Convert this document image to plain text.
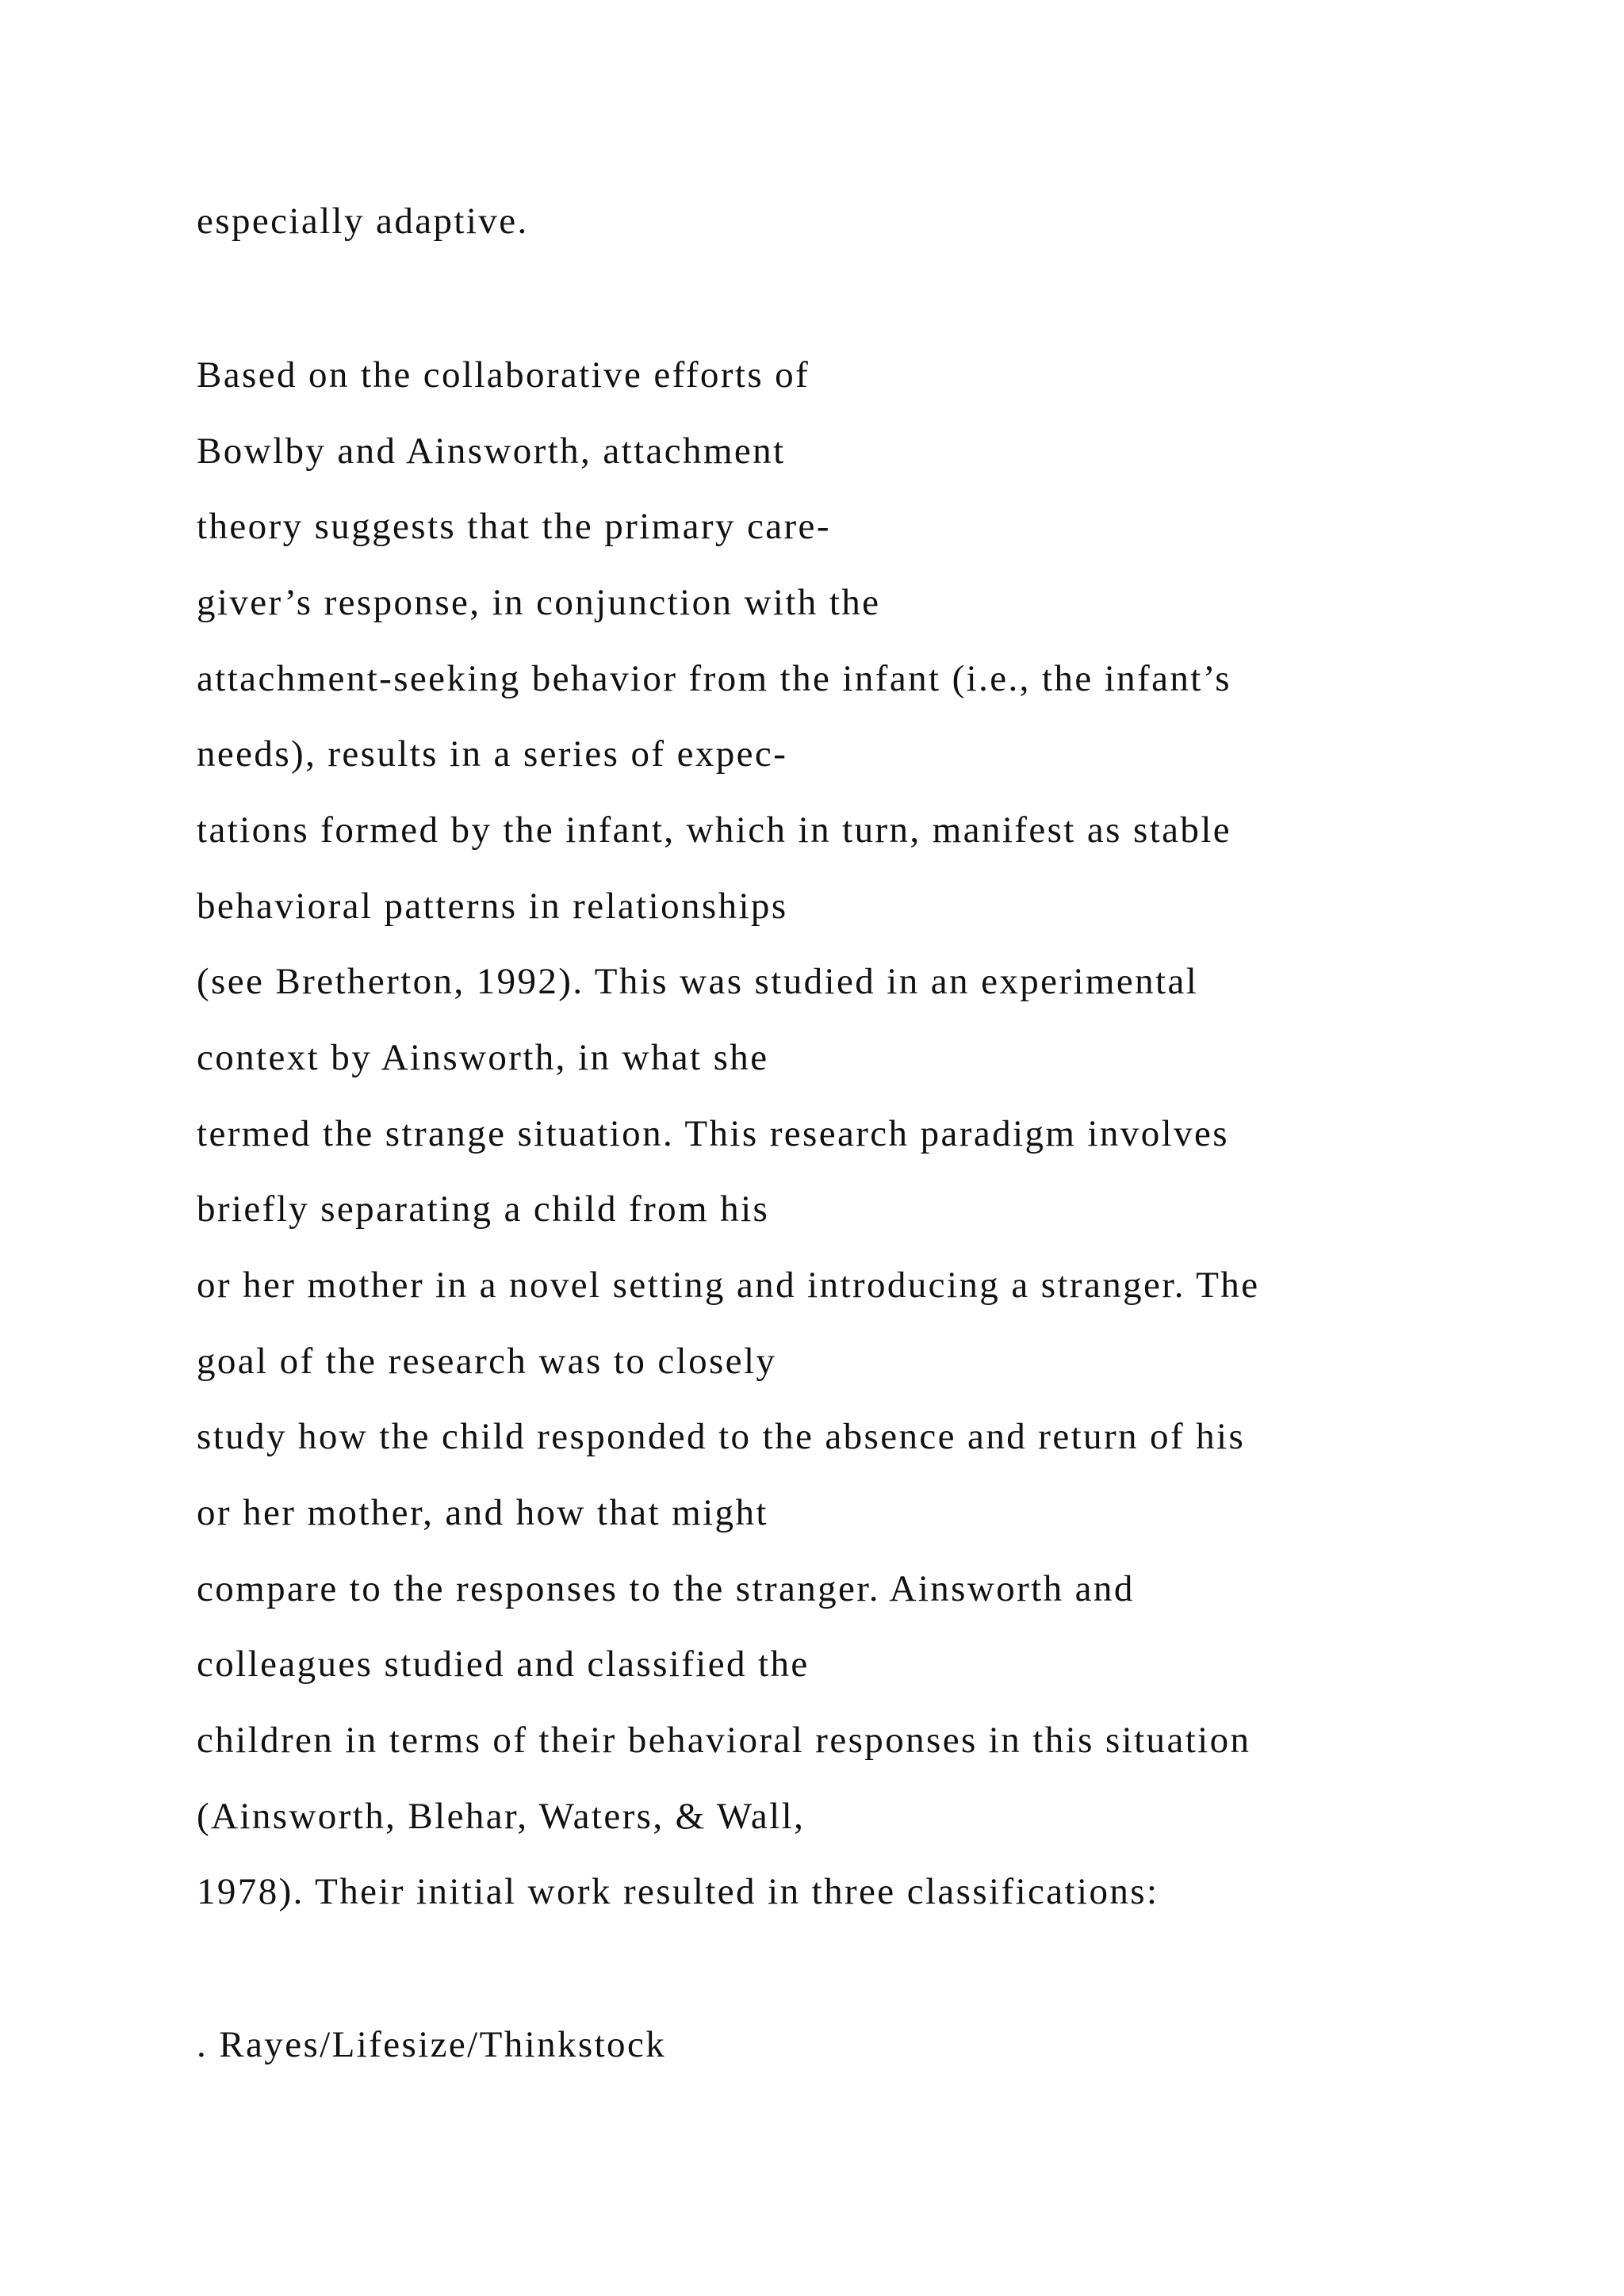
especially adaptive.
Based on the collaborative efforts of
Bowlby and Ainsworth, attachment
theory suggests that the primary care-
giver’s response, in conjunction with the
attachment-seeking behavior from the infant (i.e., the infant’s
needs), results in a series of expec-
tations formed by the infant, which in turn, manifest as stable
behavioral patterns in relationships
(see Bretherton, 1992). This was studied in an experimental
context by Ainsworth, in what she
termed the strange situation. This research paradigm involves
briefly separating a child from his
or her mother in a novel setting and introducing a stranger. The
goal of the research was to closely
study how the child responded to the absence and return of his
or her mother, and how that might
compare to the responses to the stranger. Ainsworth and
colleagues studied and classified the
children in terms of their behavioral responses in this situation
(Ainsworth, Blehar, Waters, & Wall,
1978). Their initial work resulted in three classifications:
. Rayes/Lifesize/Thinkstock
